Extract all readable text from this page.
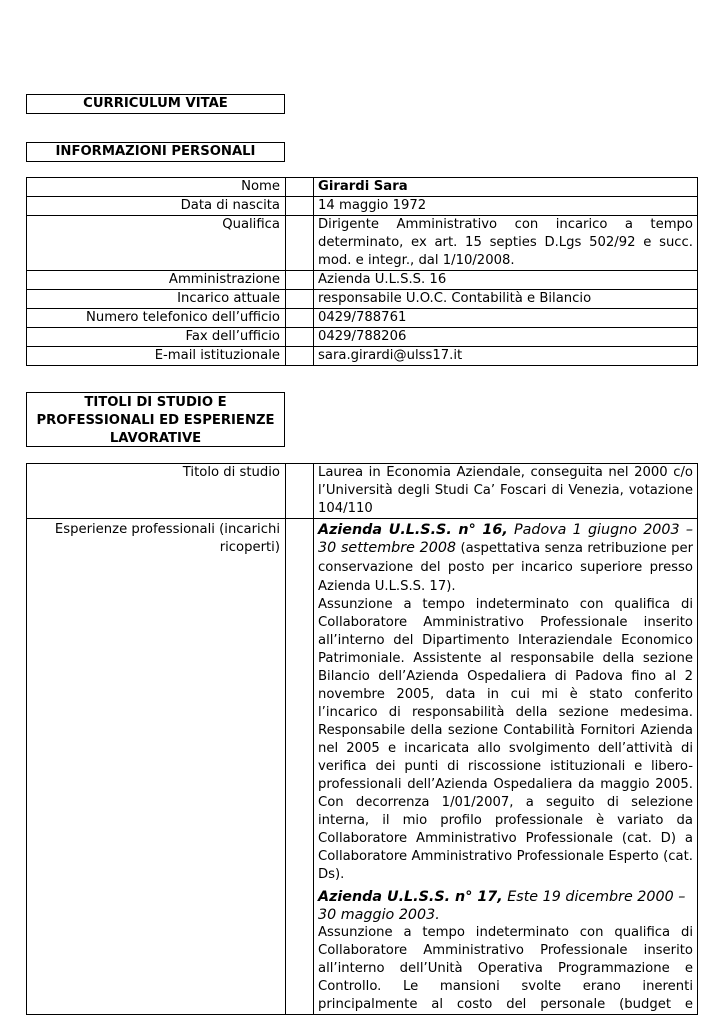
CURRICULUM VITAE
INFORMAZIONI PERSONALI
Nome		Girardi Sara
Data di nascita		14 maggio 1972
Qualifica		Dirigente Amministrativo con incarico a tempo determinato, ex art. 15 septies D.Lgs 502/92 e succ. mod. e integr., dal 1/10/2008.

Amministrazione		Azienda U.L.S.S. 16
Incarico attuale		responsabile U.O.C. Contabilità e Bilancio
Numero telefonico dell’ufficio		0429/788761
Fax dell’ufficio		0429/788206
E-mail istituzionale		sara.girardi@ulss17.it
TITOLI DI STUDIO E PROFESSIONALI ED ESPERIENZE LAVORATIVE
Titolo di studio		Laurea in Economia Aziendale, conseguita nel 2000 c/o l’Università degli Studi Ca’ Foscari di Venezia, votazione 104/110

Esperienze professionali (incarichi ricoperti)		Azienda U.L.S.S. n° 16, Padova 1 giugno 2003 – 30 settembre 2008 (aspettativa senza retribuzione per conservazione del posto per incarico superiore presso Azienda U.L.S.S. 17).

Assunzione a tempo indeterminato con qualifica di Collaboratore Amministrativo Professionale inserito all’interno del Dipartimento Interaziendale Economico Patrimoniale. Assistente al responsabile della sezione Bilancio dell’Azienda Ospedaliera di Padova fino al 2 novembre 2005, data in cui mi è stato conferito l’incarico di responsabilità della sezione medesima. Responsabile della sezione Contabilità Fornitori Azienda nel 2005 e incaricata allo svolgimento dell’attività di verifica dei punti di riscossione istituzionali e libero-professionali dell’Azienda Ospedaliera da maggio 2005. Con decorrenza 1/01/2007, a seguito di selezione interna, il mio profilo professionale è variato da Collaboratore Amministrativo Professionale (cat. D) a Collaboratore Amministrativo Professionale Esperto (cat. Ds).

Azienda U.L.S.S. n° 17, Este 19 dicembre 2000 – 30 maggio 2003.

Assunzione a tempo indeterminato con qualifica di Collaboratore Amministrativo Professionale inserito all’interno dell’Unità Operativa Programmazione e Controllo. Le mansioni svolte erano inerenti principalmente al costo del personale (budget e
